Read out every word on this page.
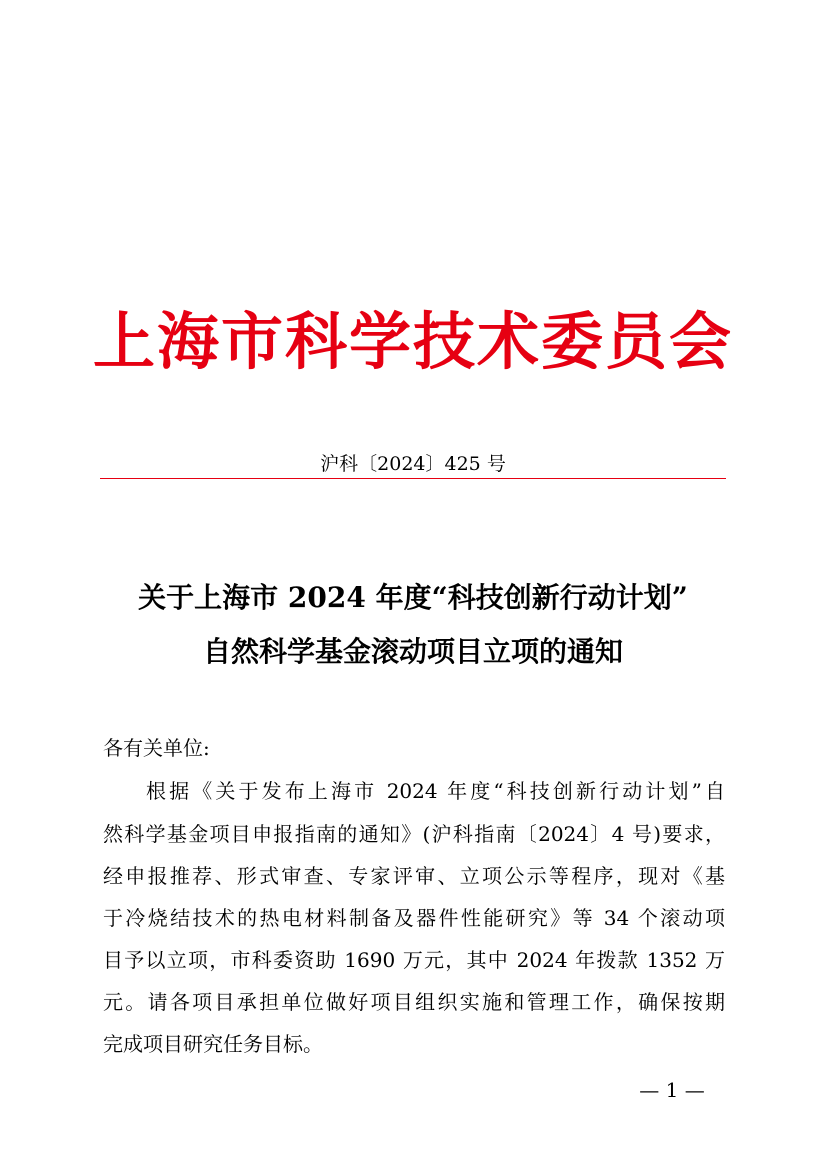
上海市科学技术委员会
沪科〔2024〕425 号
关于上海市 2024 年度“科技创新行动计划”
自然科学基金滚动项目立项的通知
各有关单位:
根据《关于发布上海市 2024 年度“科技创新行动计划”自
然科学基金项目申报指南的通知》(沪科指南〔2024〕4 号)要求，
经申报推荐、形式审查、专家评审、立项公示等程序，现对《基
于冷烧结技术的热电材料制备及器件性能研究》等 34 个滚动项
目予以立项，市科委资助 1690 万元，其中 2024 年拨款 1352 万
元。请各项目承担单位做好项目组织实施和管理工作，确保按期
完成项目研究任务目标。
— 1 —
